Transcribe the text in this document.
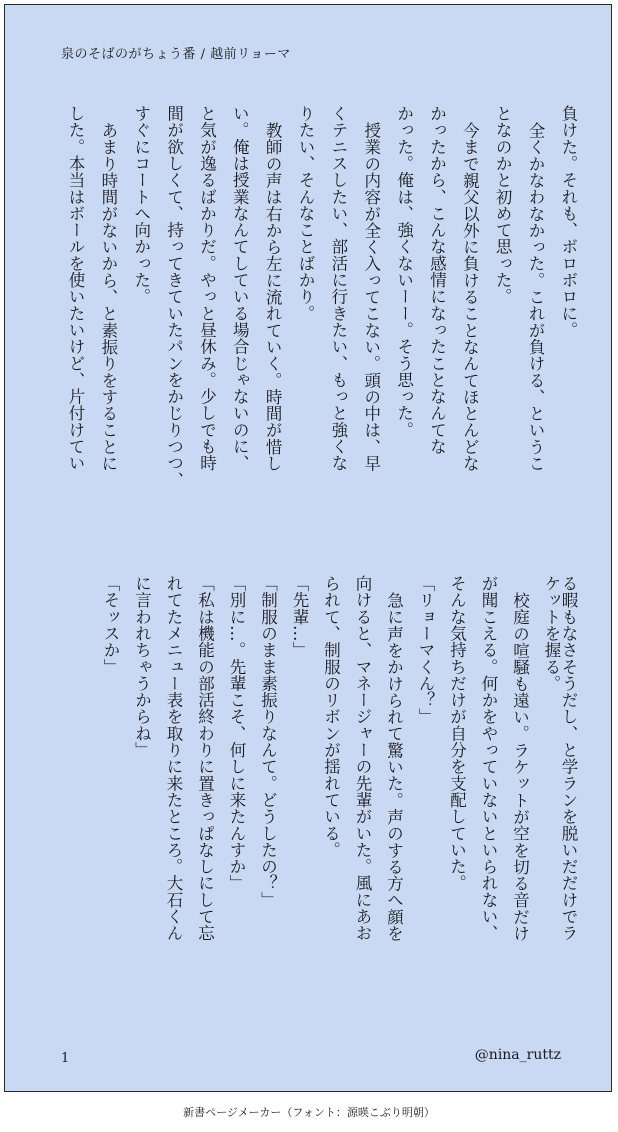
泉のそばのがちょう番 / 越前リョーマ
負けた。それも、ボロボロに。
全くかなわなかった。これが負ける、というこ
となのかと初めて思った。
今まで親父以外に負けることなんてほとんどな
かったから、こんな感情になったことなんてな
かった。俺は、強くないーー。そう思った。
授業の内容が全く入ってこない。頭の中は、早
くテニスしたい、部活に行きたい、もっと強くな
りたい、そんなことばかり。
教師の声は右から左に流れていく。時間が惜し
い。俺は授業なんてしている場合じゃないのに、
と気が逸るばかりだ。やっと昼休み。少しでも時
間が欲しくて、持ってきていたパンをかじりつつ、
すぐにコートへ向かった。
あまり時間がないから、と素振りをすることに
した。本当はボールを使いたいけど、片付けてい
る暇もなさそうだし、と学ランを脱いだだけでラ
ケットを握る。
校庭の喧騒も遠い。ラケットが空を切る音だけ
が聞こえる。何かをやっていないといられない、
そんな気持ちだけが自分を支配していた。
「リョーマくん？」
急に声をかけられて驚いた。声のする方へ顔を
向けると、マネージャーの先輩がいた。風にあお
られて、制服のリボンが揺れている。
「先輩…」
「制服のまま素振りなんて。どうしたの？」
「別に…。先輩こそ、何しに来たんすか」
「私は機能の部活終わりに置きっぱなしにして忘
れてたメニュー表を取りに来たところ。大石くん
に言われちゃうからね」
「そッスか」
1	@nina_ruttz
新書ページメーカー（フォント：源暎こぶり明朝）
